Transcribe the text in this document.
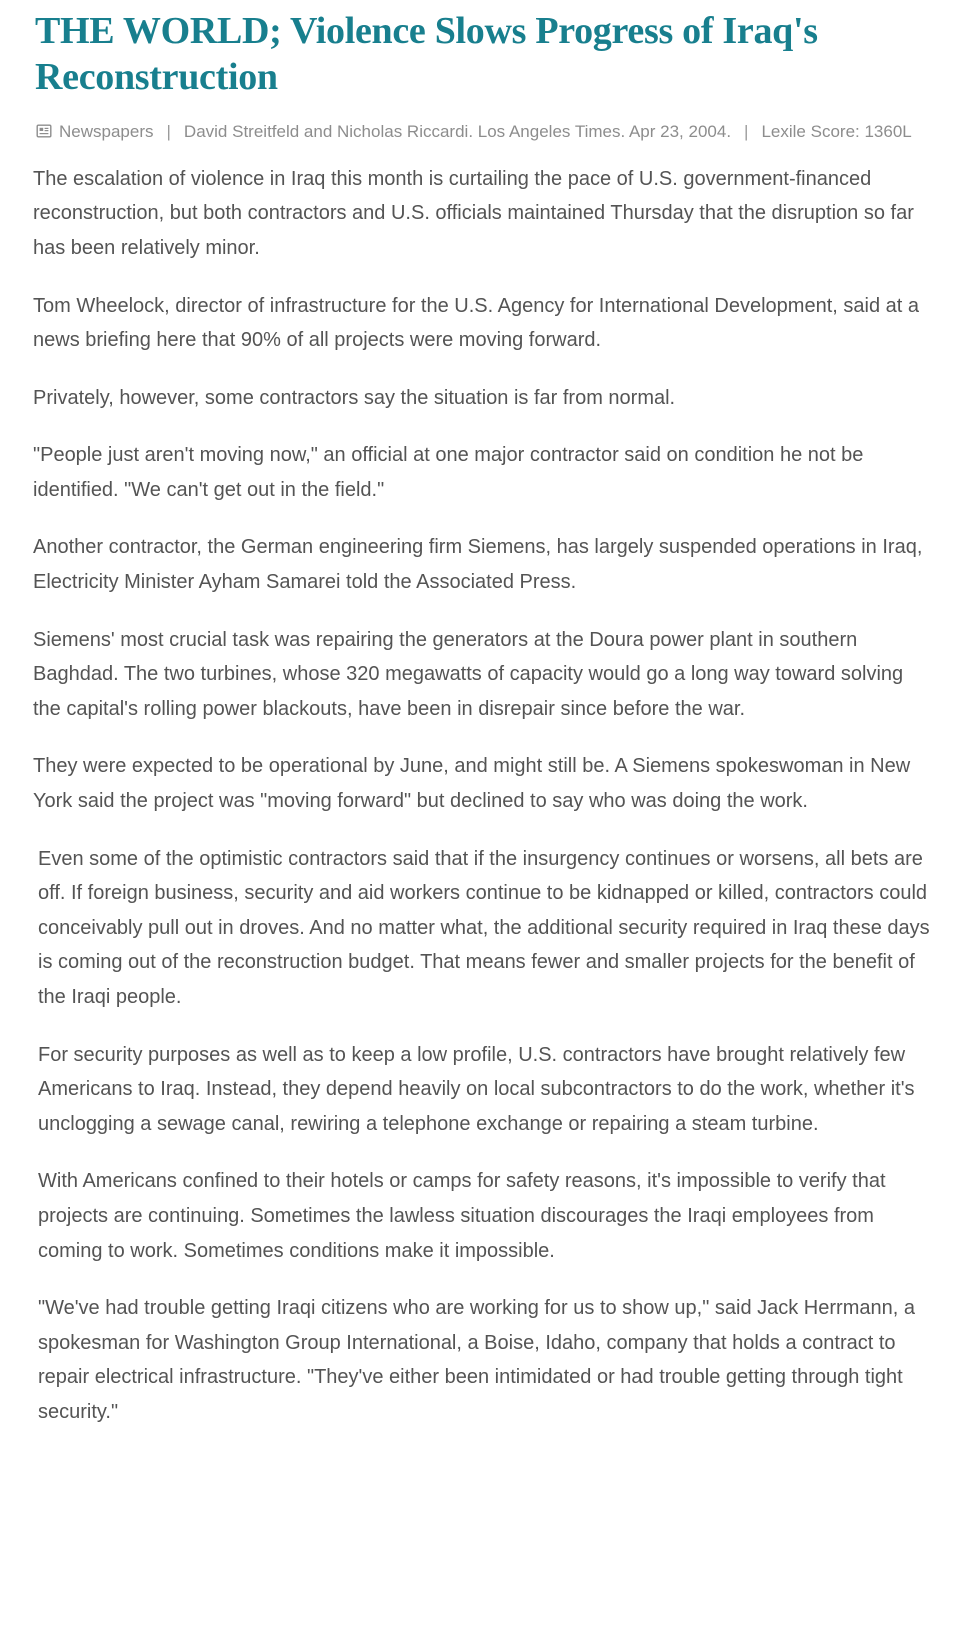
THE WORLD; Violence Slows Progress of Iraq's Reconstruction
Newspapers | David Streitfeld and Nicholas Riccardi. Los Angeles Times. Apr 23, 2004. | Lexile Score: 1360L

The escalation of violence in Iraq this month is curtailing the pace of U.S. government-financed reconstruction, but both contractors and U.S. officials maintained Thursday that the disruption so far has been relatively minor.

Tom Wheelock, director of infrastructure for the U.S. Agency for International Development, said at a news briefing here that 90% of all projects were moving forward.

Privately, however, some contractors say the situation is far from normal.

"People just aren't moving now," an official at one major contractor said on condition he not be identified. "We can't get out in the field."

Another contractor, the German engineering firm Siemens, has largely suspended operations in Iraq, Electricity Minister Ayham Samarei told the Associated Press.

Siemens' most crucial task was repairing the generators at the Doura power plant in southern Baghdad. The two turbines, whose 320 megawatts of capacity would go a long way toward solving the capital's rolling power blackouts, have been in disrepair since before the war.

They were expected to be operational by June, and might still be. A Siemens spokeswoman in New York said the project was "moving forward" but declined to say who was doing the work.

Even some of the optimistic contractors said that if the insurgency continues or worsens, all bets are off. If foreign business, security and aid workers continue to be kidnapped or killed, contractors could conceivably pull out in droves. And no matter what, the additional security required in Iraq these days is coming out of the reconstruction budget. That means fewer and smaller projects for the benefit of the Iraqi people.

For security purposes as well as to keep a low profile, U.S. contractors have brought relatively few Americans to Iraq. Instead, they depend heavily on local subcontractors to do the work, whether it's unclogging a sewage canal, rewiring a telephone exchange or repairing a steam turbine.

With Americans confined to their hotels or camps for safety reasons, it's impossible to verify that projects are continuing. Sometimes the lawless situation discourages the Iraqi employees from coming to work. Sometimes conditions make it impossible.

"We've had trouble getting Iraqi citizens who are working for us to show up," said Jack Herrmann, a spokesman for Washington Group International, a Boise, Idaho, company that holds a contract to repair electrical infrastructure. "They've either been intimidated or had trouble getting through tight security."
